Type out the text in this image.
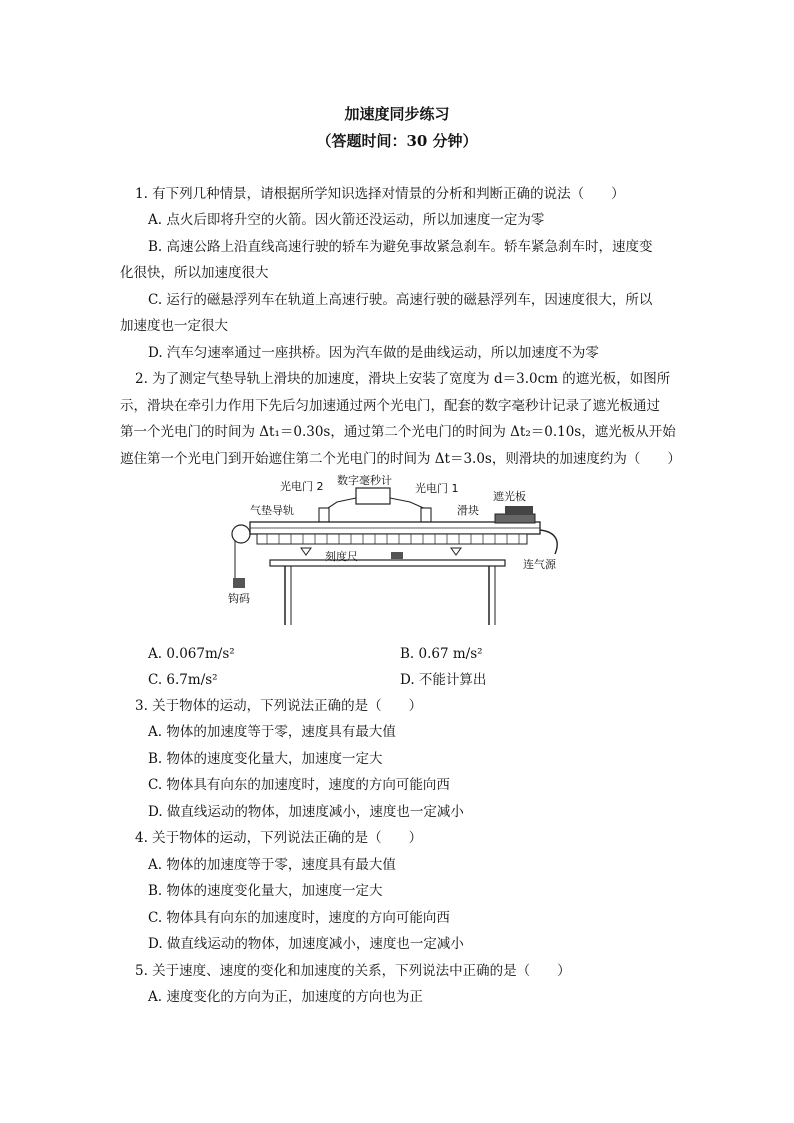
加速度同步练习
（答题时间：30 分钟）
1. 有下列几种情景，请根据所学知识选择对情景的分析和判断正确的说法（　　）
A. 点火后即将升空的火箭。因火箭还没运动，所以加速度一定为零
B. 高速公路上沿直线高速行驶的轿车为避免事故紧急刹车。轿车紧急刹车时，速度变
化很快，所以加速度很大
C. 运行的磁悬浮列车在轨道上高速行驶。高速行驶的磁悬浮列车，因速度很大，所以
加速度也一定很大
D. 汽车匀速率通过一座拱桥。因为汽车做的是曲线运动，所以加速度不为零
2. 为了测定气垫导轨上滑块的加速度，滑块上安装了宽度为 d＝3.0cm 的遮光板，如图所
示，滑块在牵引力作用下先后匀加速通过两个光电门，配套的数字毫秒计记录了遮光板通过
第一个光电门的时间为 Δt₁＝0.30s，通过第二个光电门的时间为 Δt₂＝0.10s，遮光板从开始
遮住第一个光电门到开始遮住第二个光电门的时间为 Δt＝3.0s，则滑块的加速度约为（　　）
光电门 2 数字毫秒计
光电门 1
气垫导轨	滑块
遮光板
刻度尺
连气源
钩码
A. 0.067m/s²	B. 0.67 m/s²
C. 6.7m/s²	D. 不能计算出
3. 关于物体的运动，下列说法正确的是（　　）
A. 物体的加速度等于零，速度具有最大值
B. 物体的速度变化量大，加速度一定大
C. 物体具有向东的加速度时，速度的方向可能向西
D. 做直线运动的物体，加速度减小，速度也一定减小
4. 关于物体的运动，下列说法正确的是（　　）
A. 物体的加速度等于零，速度具有最大值
B. 物体的速度变化量大，加速度一定大
C. 物体具有向东的加速度时，速度的方向可能向西
D. 做直线运动的物体，加速度减小，速度也一定减小
5. 关于速度、速度的变化和加速度的关系，下列说法中正确的是（　　）
A. 速度变化的方向为正，加速度的方向也为正
